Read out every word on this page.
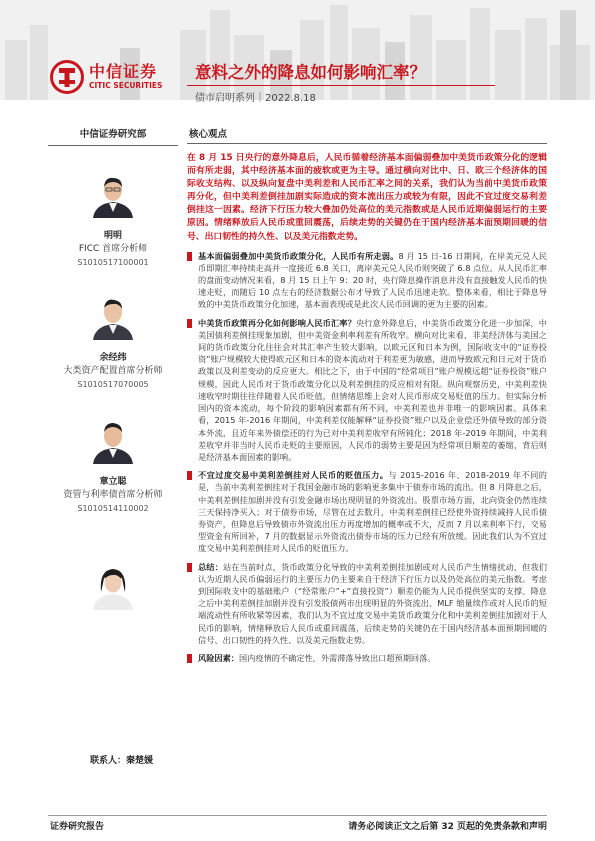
中信证券
CITIC SECURITIES
意料之外的降息如何影响汇率？
债市启明系列｜2022.8.18
中信证券研究部
明明
FICC 首席分析师
S1010517100001
余经纬
大类资产配置首席分析师
S1010517070005
章立聪
资管与利率债首席分析师
S1010514110002
联系人：秦楚媛
核心观点
在 8 月 15 日央行的意外降息后，人民币循着经济基本面偏弱叠加中美货币政策分化的逻辑而有所走弱，其中经济基本面的疲软或更为主导。通过横向对比中、日、欧三个经济体的国际收支结构、以及纵向复盘中美利差和人民币汇率之间的关系，我们认为当前中美货币政策再分化，但中美利差倒挂加剧实际造成的资本流出压力或较为有限，因此不宜过度交易利差倒挂这一因素。经济下行压力较大叠加仍处高位的美元指数或是人民币近期偏弱运行的主要原因。情绪释放后人民币或重回震荡，后续走势的关键仍在于国内经济基本面预期回暖的信号、出口韧性的持久性、以及美元指数走势。
基本面偏弱叠加中美货币政策分化，人民币有所走弱。8 月 15 日-16 日期间，在岸美元兑人民币即期汇率持续走高并一度接近 6.8 关口，离岸美元兑人民币则突破了 6.8 点位。从人民币汇率的盘面变动情况来看，8 月 15 日上午 9：20 时，央行降息操作消息并没有直接触发人民币的快速走贬，而随后 10 点左右的经济数据公布才导致了人民币迅速走软。整体来看，相比于降息导致的中美货币政策分化加速，基本面表现或是此次人民币回调的更为主要的因素。
中美货币政策再分化如何影响人民币汇率？央行意外降息后，中美货币政策分化进一步加深，中美国债利差倒挂现象加剧，但中美资金利率利差有所收窄。横向对比来看，非美经济体与美国之间的货币政策分化往往会对其汇率产生较大影响，以欧元区和日本为例，国际收支中的“证券投资”账户规模较大使得欧元区和日本的资本流动对于利差更为敏感，进而导致欧元和日元对于货币政策以及利差变动的反应更大。相比之下，由于中国的“经常项目”账户规模远超“证券投资”账户规模，因此人民币对于货币政策分化以及利差倒挂的反应相对有限。纵向观察历史，中美利差快速收窄时期往往伴随着人民币贬值，但情绪思维上会对人民币形成交易贬值的压力。但实际分析国内的资本流动，每个阶段的影响因素都有所不同，中美利差也并非唯一的影响因素。具体来看，2015 年-2016 年期间，中美利差仅能解释“证券投资”账户以及企业偿还外债导致的部分资本外流，且近年来外债偿还的行为已对中美利差收窄有所钝化；2018 年-2019 年期间，中美利差收窄并非当时人民币走贬的主要原因，人民币的弱势主要是因为经常项目顺差的萎缩，背后则是经济基本面因素的影响。
不宜过度交易中美利差倒挂对人民币的贬值压力。与 2015-2016 年、2018-2019 年不同的是，当前中美利差倒挂对于我国金融市场的影响更多集中于债券市场的流出。但 8 月降息之后，中美利差倒挂加剧并没有引发金融市场出现明显的外资流出。股票市场方面，北向资金仍然连续三天保持净买入；对于债券市场，尽管在过去数月，中美利差倒挂已经使外资持续减持人民币债券资产，但降息后导致债市外资流出压力再度增加的概率或不大，反而 7 月以来利率下行，交易型资金有所回补，7 月的数据显示外资流出债券市场的压力已经有所放缓。因此我们认为不宜过度交易中美利差倒挂对人民币的贬值压力。
总结：站在当前时点，货币政策分化导致的中美利差倒挂加剧或对人民币产生情绪扰动，但我们认为近期人民币偏弱运行的主要压力仍主要来自于经济下行压力以及仍处高位的美元指数。考虑到国际收支中的基础账户（“经常账户”+“直接投资”）顺差仍能为人民币提供坚实的支撑、降息之后中美利差倒挂加剧并没有引发股债两市出现明显的外资流出、MLF 缩量续作或对人民币的短端流动性有所收紧等因素，我们认为不宜过度交易中美货币政策分化和中美利差倒挂加剧对于人民币的影响，情绪释放后人民币或重回震荡，后续走势的关键仍在于国内经济基本面预期回暖的信号、出口韧性的持久性、以及美元指数走势。
风险因素：国内疫情的不确定性，外需滞落导致出口超预期回落。
证券研究报告	请务必阅读正文之后第 32 页起的免责条款和声明
